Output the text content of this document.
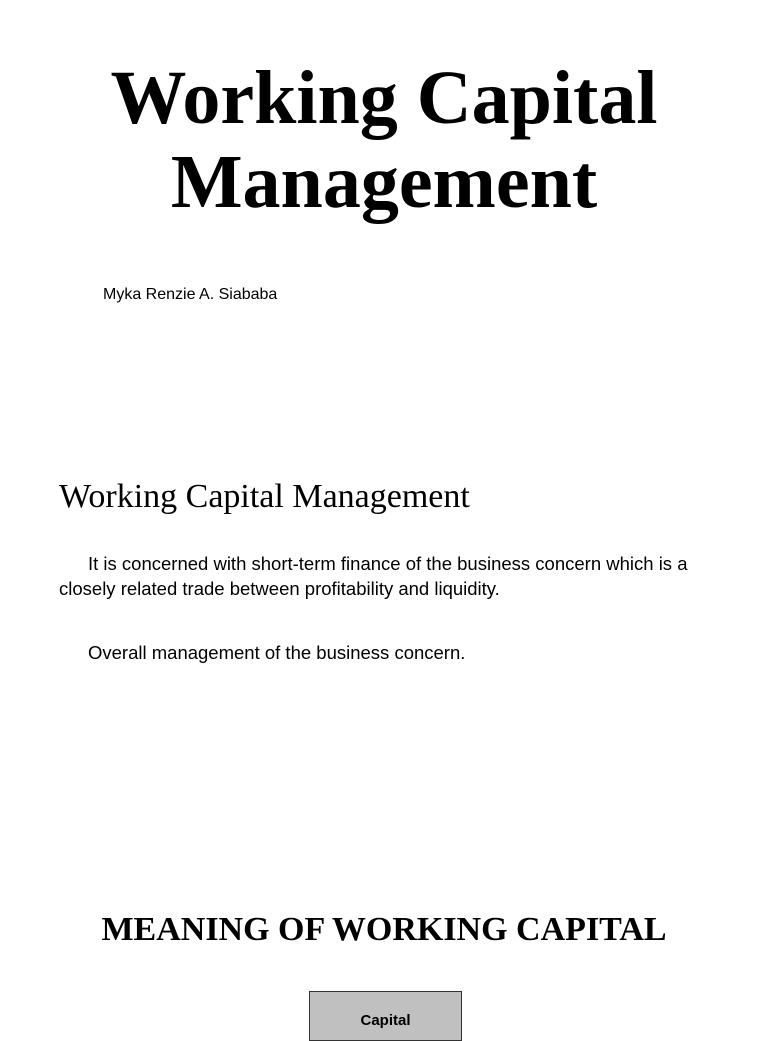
Working Capital
Management

Myka Renzie A. Siababa

Working Capital Management

It is concerned with short-term finance of the business concern which is a closely related trade between profitability and liquidity.

Overall management of the business concern.

MEANING OF WORKING CAPITAL
Capital
